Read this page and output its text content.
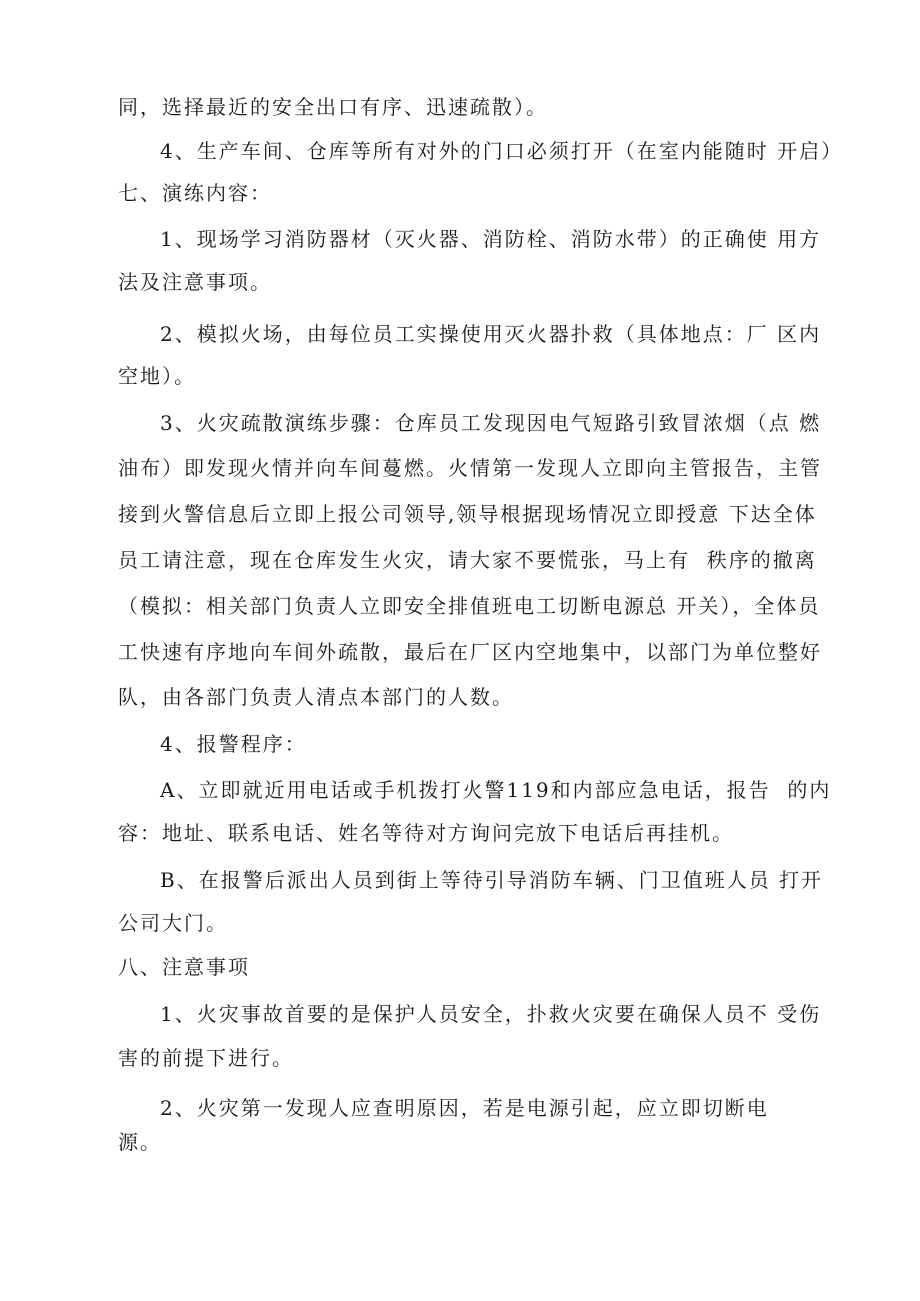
同，选择最近的安全出口有序、迅速疏散）。
4、生产车间、仓库等所有对外的门口必须打开（在室内能随时 开启）
七、演练内容：
1、现场学习消防器材（灭火器、消防栓、消防水带）的正确使 用方
法及注意事项。
2、模拟火场，由每位员工实操使用灭火器扑救（具体地点：厂 区内
空地）。
3、火灾疏散演练步骤：仓库员工发现因电气短路引致冒浓烟（点 燃
油布）即发现火情并向车间蔓燃。火情第一发现人立即向主管报告，主管
接到火警信息后立即上报公司领导,领导根据现场情况立即授意 下达全体
员工请注意，现在仓库发生火灾，请大家不要慌张，马上有  秩序的撤离
（模拟：相关部门负责人立即安全排值班电工切断电源总 开关），全体员
工快速有序地向车间外疏散，最后在厂区内空地集中，以部门为单位整好
队，由各部门负责人清点本部门的人数。
4、报警程序：
A、立即就近用电话或手机拨打火警119和内部应急电话，报告  的内
容：地址、联系电话、姓名等待对方询问完放下电话后再挂机。
B、在报警后派出人员到街上等待引导消防车辆、门卫值班人员 打开
公司大门。
八、注意事项
1、火灾事故首要的是保护人员安全，扑救火灾要在确保人员不 受伤
害的前提下进行。
2、火灾第一发现人应查明原因，若是电源引起，应立即切断电
源。
